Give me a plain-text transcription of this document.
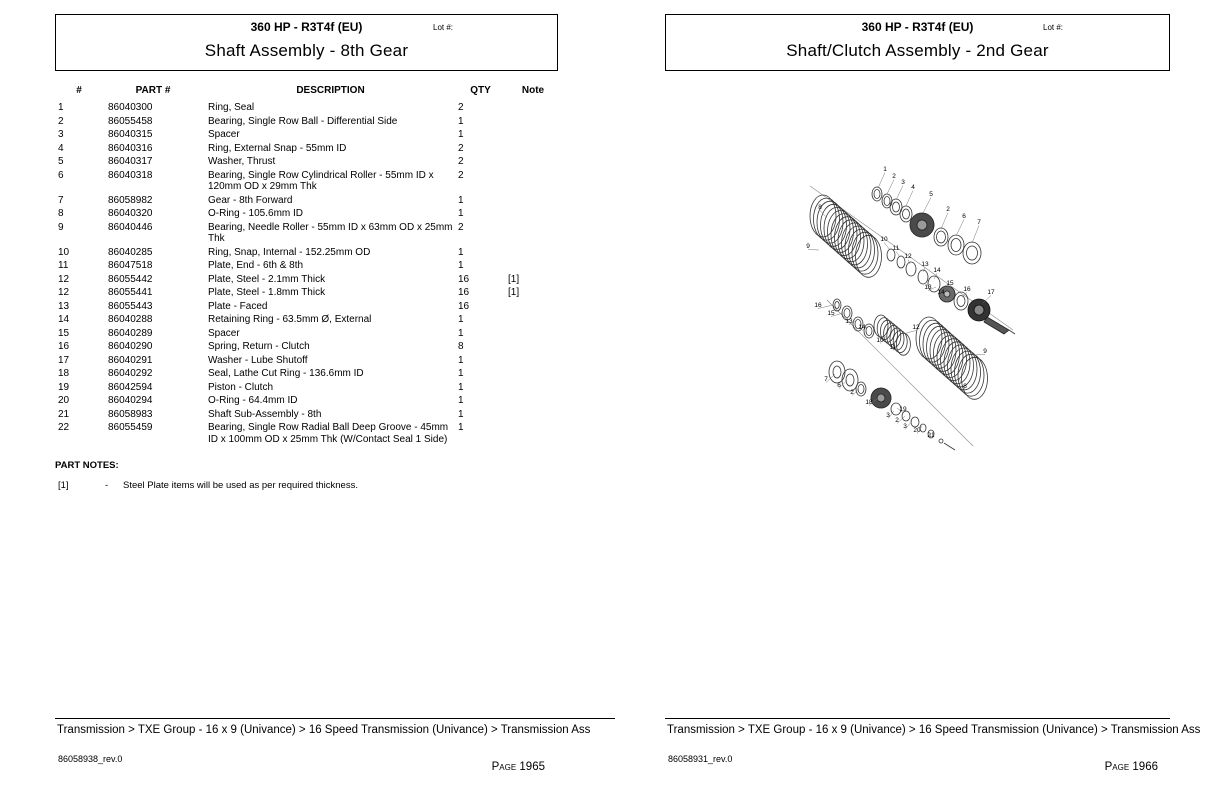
360 HP - R3T4f (EU)	Lot #:
Shaft Assembly - 8th Gear
#	PART #	DESCRIPTION	QTY	Note
1	86040300	Ring, Seal	2	
2	86055458	Bearing, Single Row Ball - Differential Side	1	
3	86040315	Spacer	1	
4	86040316	Ring, External Snap - 55mm ID	2	
5	86040317	Washer, Thrust	2	
6	86040318	Bearing, Single Row Cylindrical Roller - 55mm ID x 120mm OD x 29mm Thk	2	
7	86058982	Gear - 8th Forward	1	
8	86040320	O-Ring - 105.6mm ID	1	
9	86040446	Bearing, Needle Roller - 55mm ID x 63mm OD x 25mm Thk	2	
10	86040285	Ring, Snap, Internal - 152.25mm OD	1	
11	86047518	Plate, End - 6th & 8th	1	
12	86055442	Plate, Steel - 2.1mm Thick	16	[1]
12	86055441	Plate, Steel - 1.8mm Thick	16	[1]
13	86055443	Plate - Faced	16	
14	86040288	Retaining Ring - 63.5mm Ø, External	1	
15	86040289	Spacer	1	
16	86040290	Spring, Return - Clutch	8	
17	86040291	Washer - Lube Shutoff	1	
18	86040292	Seal, Lathe Cut Ring - 136.6mm ID	1	
19	86042594	Piston - Clutch	1	
20	86040294	O-Ring - 64.4mm ID	1	
21	86058983	Shaft Sub-Assembly - 8th	1	
22	86055459	Bearing, Single Row Radial Ball Deep Groove - 45mm ID x 100mm OD x 25mm Thk (W/Contact Seal 1 Side)	1	
PART NOTES:
[1]	-	Steel Plate items will be used as per required thickness.
Transmission > TXE Group - 16 x 9 (Univance) > 16 Speed Transmission (Univance) > Transmission Ass
86058938_rev.0
Page 1965
360 HP - R3T4f (EU)	Lot #:
Shaft/Clutch Assembly - 2nd Gear
1
2
3
4
5
2
6
7
8
9
10
11
12
13
14
13
14
15
16	17
16
15
13
14
10
11
12
9
8
7
6
2
18
19
3
2
3
20
21
Transmission > TXE Group - 16 x 9 (Univance) > 16 Speed Transmission (Univance) > Transmission Ass
86058931_rev.0
Page 1966
